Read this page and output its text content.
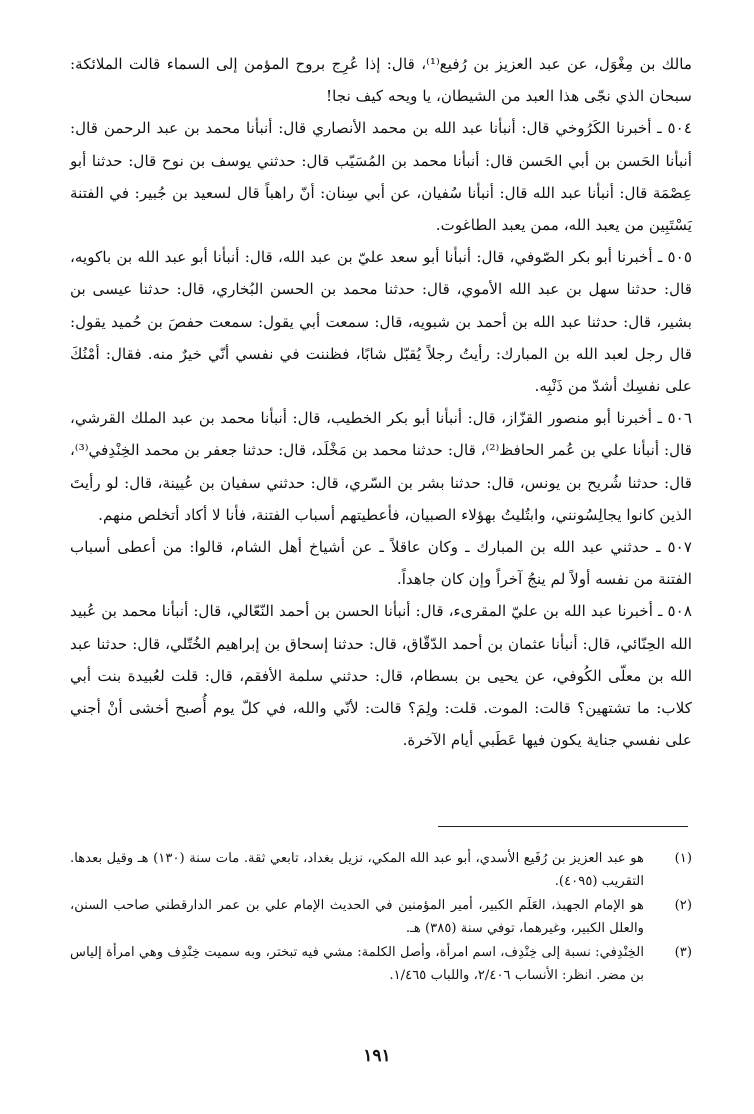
مالك بن مِغْوَل، عن عبد العزيز بن رُفيع⁽¹⁾، قال: إذا عُرِج بروح المؤمن إلى السماء قالت الملائكة: سبحان الذي نجّى هذا العبد من الشيطان، يا ويحه كيف نجا!

٥٠٤ ـ أخبرنا الكَرُوخي قال: أنبأنا عبد الله بن محمد الأنصاري قال: أنبأنا محمد بن عبد الرحمن قال: أنبأنا الحَسن بن أبي الحَسن قال: أنبأنا محمد بن المُسَيّب قال: حدثني يوسف بن نوح قال: حدثنا أبو عِصْمَة قال: أنبأنا عبد الله قال: أنبأنا سُفيان، عن أبي سِنان: أنّ راهباً قال لسعيد بن جُبير: في الفتنة يَسْتَبِين من يعبد الله، ممن يعبد الطاغوت.

٥٠٥ ـ أخبرنا أبو بكر الصّوفي، قال: أنبأنا أبو سعد عليّ بن عبد الله، قال: أنبأنا أبو عبد الله بن باكويه، قال: حدثنا سهل بن عبد الله الأموي، قال: حدثنا محمد بن الحسن البُخاري، قال: حدثنا عيسى بن بشير، قال: حدثنا عبد الله بن أحمد بن شبويه، قال: سمعت أبي يقول: سمعت حفصَ بن حُميد يقول: قال رجل لعبد الله بن المبارك: رأيتُ رجلاً يُقبّل شابًا، فظننت في نفسي أنّي خيرٌ منه. فقال: أمْنُكَ على نفسِك أشدّ من ذَنْبِه.

٥٠٦ ـ أخبرنا أبو منصور القزّاز، قال: أنبأنا أبو بكر الخطيب، قال: أنبأنا محمد بن عبد الملك القرشي، قال: أنبأنا علي بن عُمر الحافظ⁽²⁾، قال: حدثنا محمد بن مَخْلَد، قال: حدثنا جعفر بن محمد الخِنْدِفي⁽³⁾، قال: حدثنا شُريح بن يونس، قال: حدثنا بشر بن السّري، قال: حدثني سفيان بن عُيينة، قال: لو رأيتَ الذين كانوا يجالِسُونني، وابتُليتُ بهؤلاء الصبيان، فأعطيتهم أسباب الفتنة، فأنا لا أكاد أتخلص منهم.

٥٠٧ ـ حدثني عبد الله بن المبارك ـ وكان عاقلاً ـ عن أشياخ أهل الشام، قالوا: من أعطى أسباب الفتنة من نفسه أولاً لم ينجُ آخراً وإن كان جاهداً.

٥٠٨ ـ أخبرنا عبد الله بن عليّ المقرىء، قال: أنبأنا الحسن بن أحمد النّعّالي، قال: أنبأنا محمد بن عُبيد الله الحِنّائي، قال: أنبأنا عثمان بن أحمد الدّقّاق، قال: حدثنا إسحاق بن إبراهيم الخُتّلي، قال: حدثنا عبد الله بن معلّى الكُوفي، عن يحيى بن بسطام، قال: حدثني سلمة الأفقم، قال: قلت لعُبيدة بنت أبي كلاب: ما تشتهين؟ قالت: الموت. قلت: ولِمَ؟ قالت: لأنّي والله، في كلّ يوم أُصبح أخشى أنْ أجني على نفسي جناية يكون فيها عَطَبي أيام الآخرة.

(١)
هو عبد العزيز بن رُفَيع الأسدي، أبو عبد الله المكي، نزيل بغداد، تابعي ثقة. مات سنة (١٣٠) هـ وقيل بعدها. التقريب (٤٠٩٥).
(٢)
هو الإمام الجهبذ، العَلَم الكبير، أمير المؤمنين في الحديث الإمام علي بن عمر الدارقطني صاحب السنن، والعلل الكبير، وغيرهما، توفي سنة (٣٨٥) هـ.
(٣)
الخِنْدِفي: نسبة إلى خِنْدِف، اسم امرأة، وأصل الكلمة: مشي فيه تبختر، وبه سميت خِنْدِف وهي امرأة إلياس بن مضر. انظر: الأنساب ٢/٤٠٦، واللباب ١/٤٦٥.
١٩١
